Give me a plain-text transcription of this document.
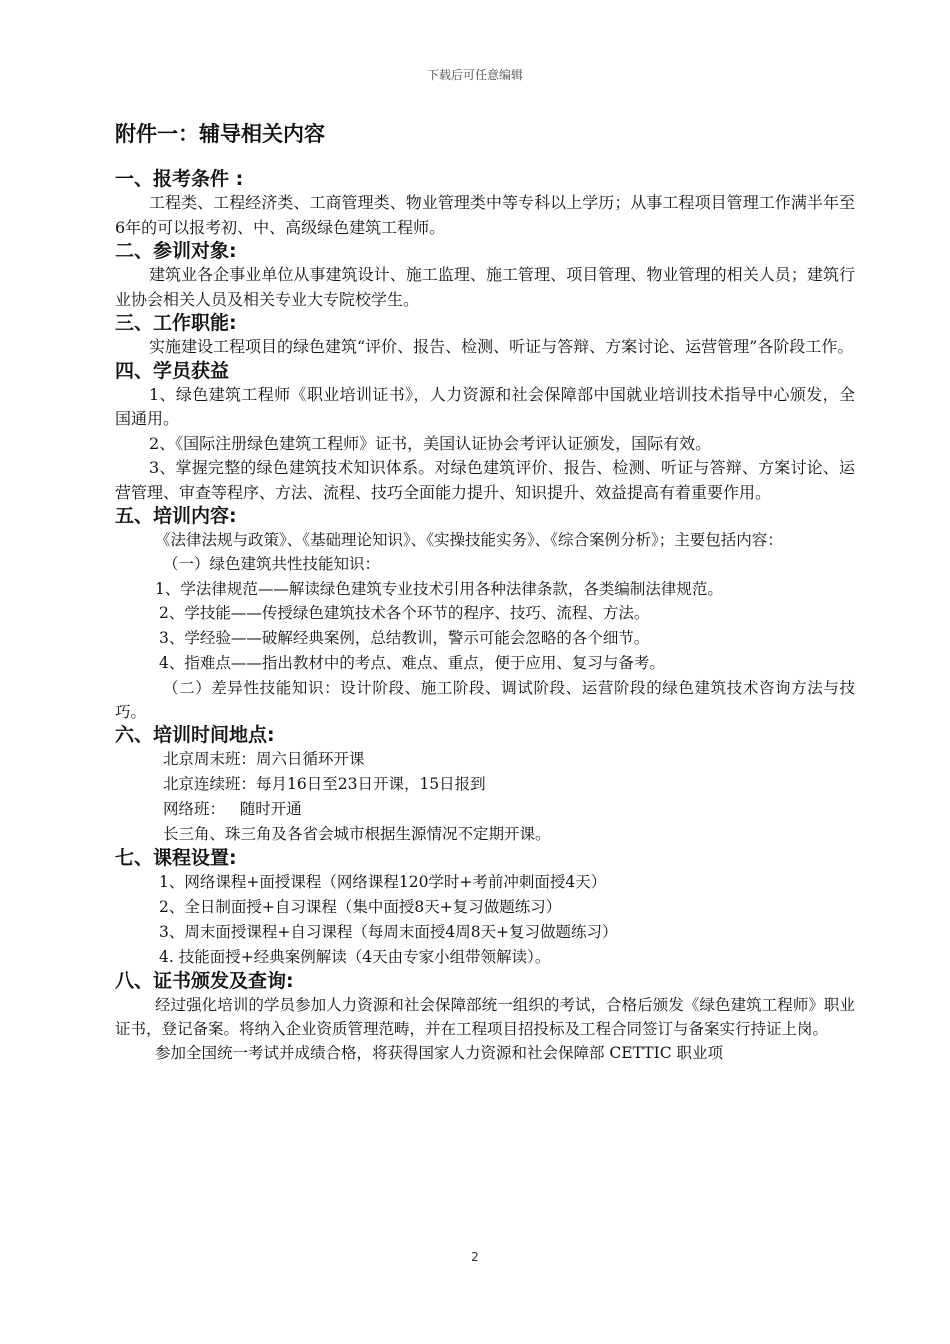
下载后可任意编辑
附件一：辅导相关内容
一、报考条件 :

工程类、工程经济类、工商管理类、物业管理类中等专科以上学历；从事工程项目管理工作满半年至6年的可以报考初、中、高级绿色建筑工程师。

二、参训对象:

建筑业各企事业单位从事建筑设计、施工监理、施工管理、项目管理、物业管理的相关人员；建筑行业协会相关人员及相关专业大专院校学生。

三、工作职能:

实施建设工程项目的绿色建筑“评价、报告、检测、听证与答辩、方案讨论、运营管理”各阶段工作。

四、学员获益

1、绿色建筑工程师《职业培训证书》，人力资源和社会保障部中国就业培训技术指导中心颁发，全国通用。

2、《国际注册绿色建筑工程师》证书，美国认证协会考评认证颁发，国际有效。

3、掌握完整的绿色建筑技术知识体系。对绿色建筑评价、报告、检测、听证与答辩、方案讨论、运营管理、审查等程序、方法、流程、技巧全面能力提升、知识提升、效益提高有着重要作用。

五、培训内容:

《法律法规与政策》、《基础理论知识》、《实操技能实务》、《综合案例分析》；主要包括内容：

（一）绿色建筑共性技能知识：

1、学法律规范——解读绿色建筑专业技术引用各种法律条款，各类编制法律规范。

2、学技能——传授绿色建筑技术各个环节的程序、技巧、流程、方法。

3、学经验——破解经典案例，总结教训，警示可能会忽略的各个细节。

4、指难点——指出教材中的考点、难点、重点，便于应用、复习与备考。

（二）差异性技能知识：设计阶段、施工阶段、调试阶段、运营阶段的绿色建筑技术咨询方法与技巧。

六、培训时间地点:

北京周末班：周六日循环开课

北京连续班：每月16日至23日开课，15日报到

网络班：   随时开通

长三角、珠三角及各省会城市根据生源情况不定期开课。

七、课程设置:

1、网络课程+面授课程（网络课程120学时+考前冲刺面授4天）

2、全日制面授+自习课程（集中面授8天+复习做题练习）

3、周末面授课程+自习课程（每周末面授4周8天+复习做题练习）

4. 技能面授+经典案例解读（4天由专家小组带领解读）。

八、证书颁发及查询:

经过强化培训的学员参加人力资源和社会保障部统一组织的考试，合格后颁发《绿色建筑工程师》职业证书，登记备案。将纳入企业资质管理范畴，并在工程项目招投标及工程合同签订与备案实行持证上岗。

参加全国统一考试并成绩合格，将获得国家人力资源和社会保障部 CETTIC 职业项

2
